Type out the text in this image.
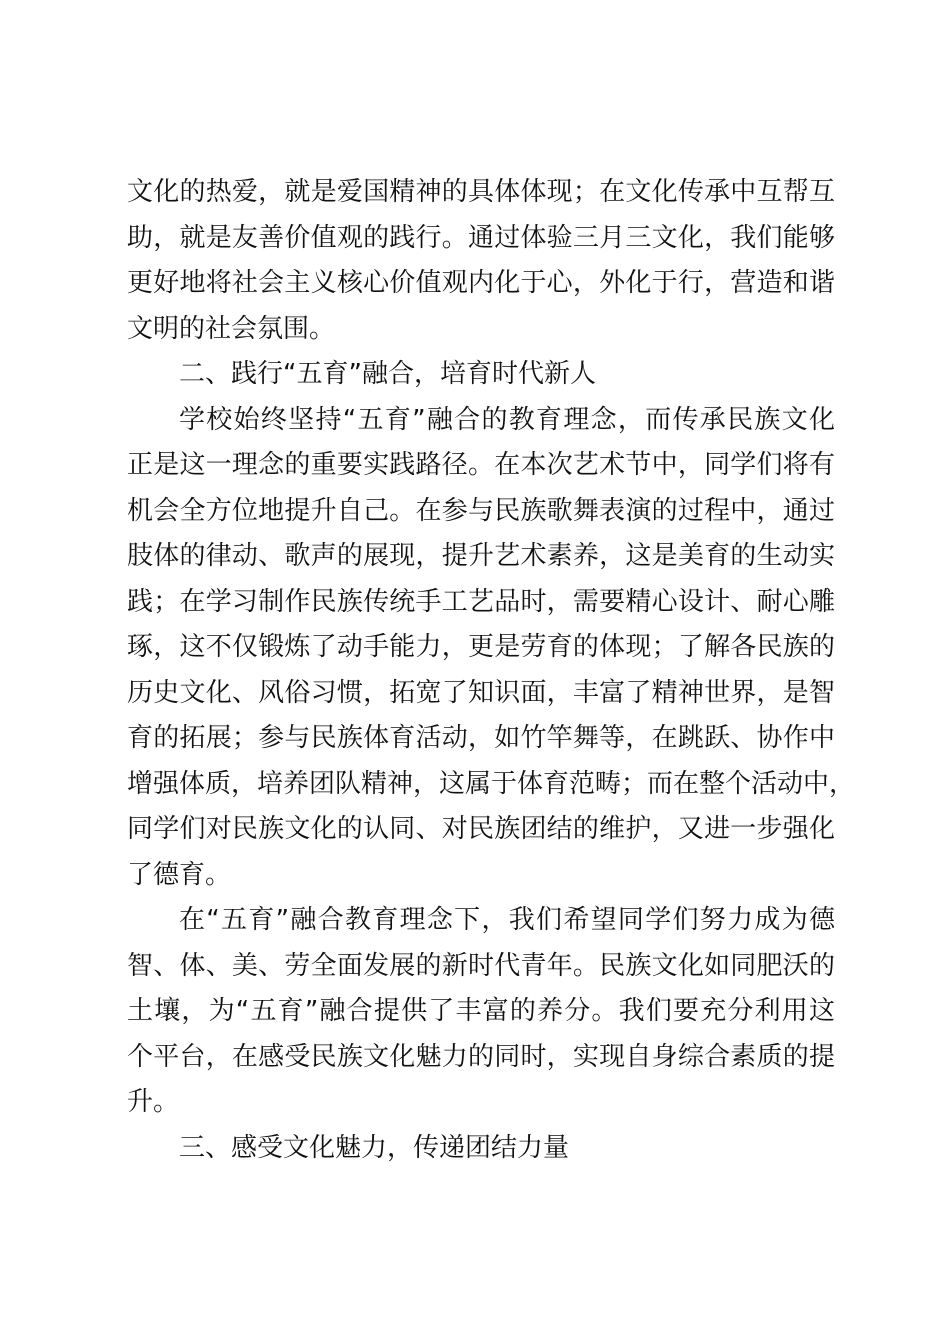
文化的热爱，就是爱国精神的具体体现；在文化传承中互帮互
助，就是友善价值观的践行。通过体验三月三文化，我们能够
更好地将社会主义核心价值观内化于心，外化于行，营造和谐
文明的社会氛围。
二、践行“五育”融合，培育时代新人
学校始终坚持“五育”融合的教育理念，而传承民族文化
正是这一理念的重要实践路径。在本次艺术节中，同学们将有
机会全方位地提升自己。在参与民族歌舞表演的过程中，通过
肢体的律动、歌声的展现，提升艺术素养，这是美育的生动实
践；在学习制作民族传统手工艺品时，需要精心设计、耐心雕
琢，这不仅锻炼了动手能力，更是劳育的体现；了解各民族的
历史文化、风俗习惯，拓宽了知识面，丰富了精神世界，是智
育的拓展；参与民族体育活动，如竹竿舞等，在跳跃、协作中
增强体质，培养团队精神，这属于体育范畴；而在整个活动中，
同学们对民族文化的认同、对民族团结的维护，又进一步强化
了德育。
在“五育”融合教育理念下，我们希望同学们努力成为德
智、体、美、劳全面发展的新时代青年。民族文化如同肥沃的
土壤，为“五育”融合提供了丰富的养分。我们要充分利用这
个平台，在感受民族文化魅力的同时，实现自身综合素质的提
升。
三、感受文化魅力，传递团结力量
